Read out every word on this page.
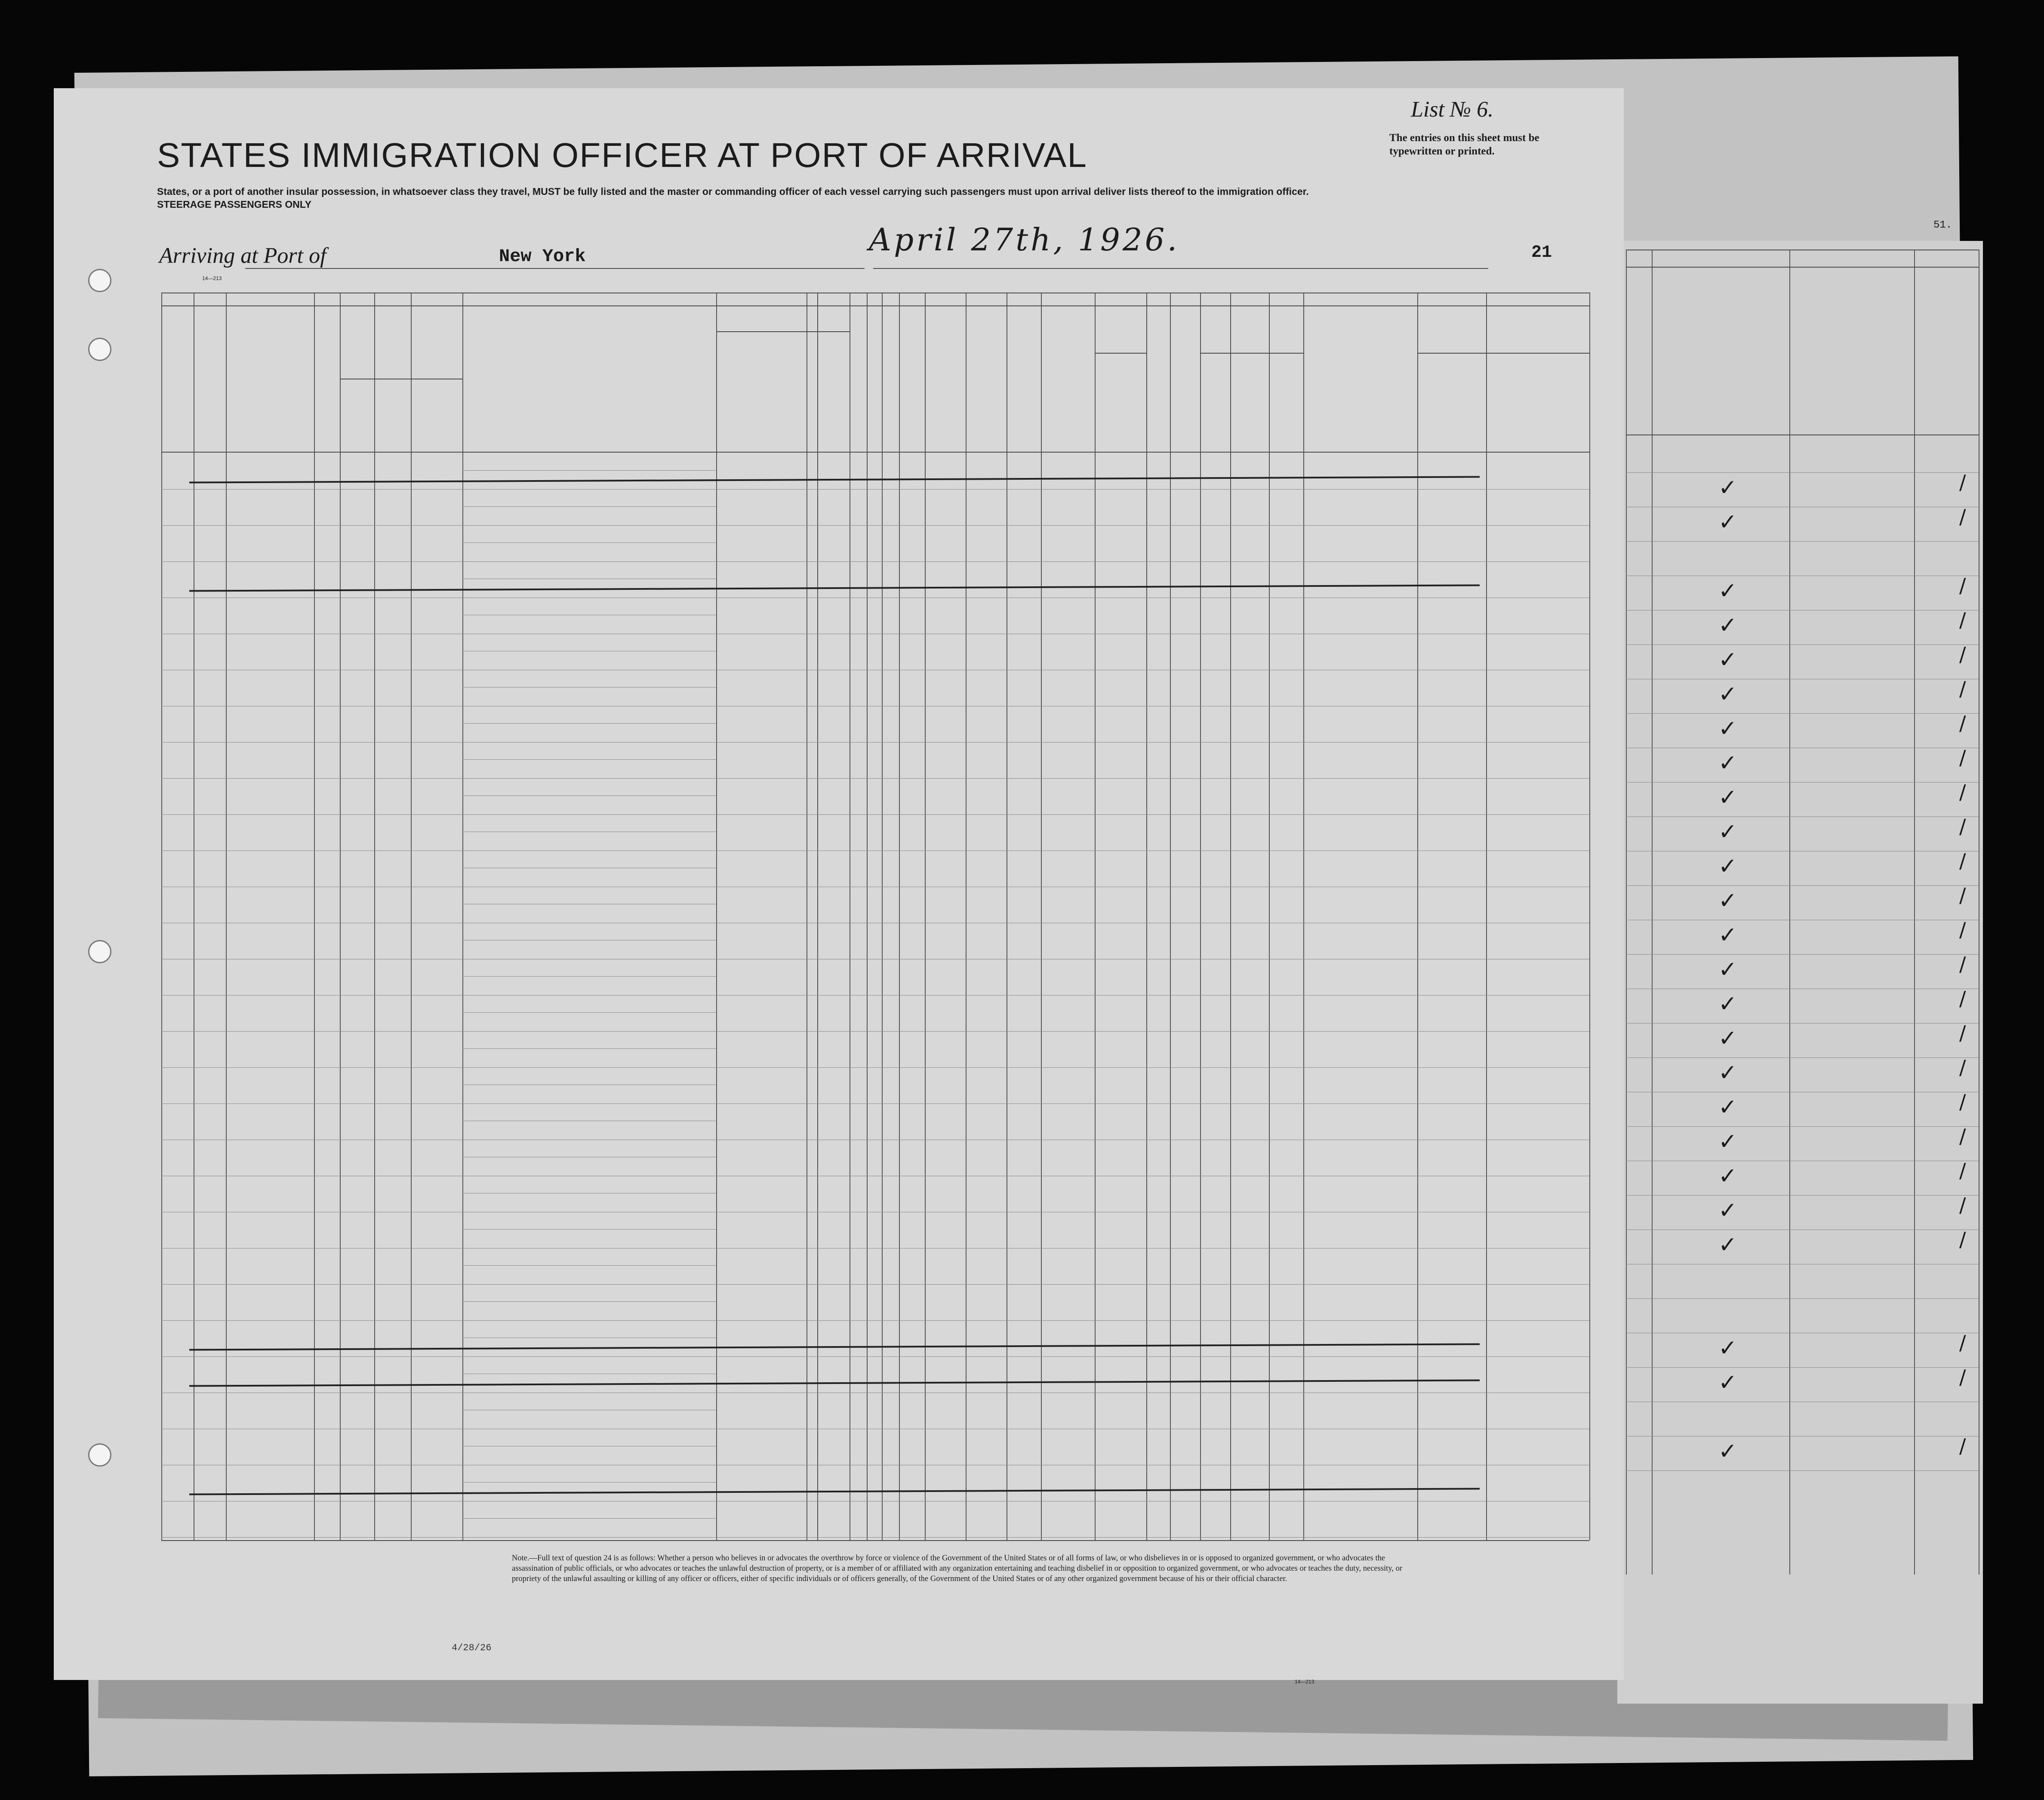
STATES IMMIGRATION OFFICER AT PORT OF ARRIVAL
States, or a port of another insular possession, in whatsoever class they travel, MUST be fully listed and the master or commanding officer of each vessel carrying such passengers must upon arrival deliver lists thereof to the immigration officer.
STEERAGE PASSENGERS ONLY
List № 6.
The entries on this sheet must be typewritten or printed.
Arriving at Port of	New York	April 27th, 1926.	21
14—213
14—213
51.
✓	/
✓	/
✓	/
✓	/
✓	/
✓	/
✓	/
✓	/
✓	/
✓	/
✓	/
✓	/
✓	/
✓	/
✓	/
✓	/
✓	/
✓	/
✓	/
✓	/
✓	/
✓	/
✓	/
✓	/
✓	/
Note.—Full text of question 24 is as follows: Whether a person who believes in or advocates the overthrow by force or violence of the Government of the United States or of all forms of law, or who disbelieves in or is opposed to organized government, or who advocates the assassination of public officials, or who advocates or teaches the unlawful destruction of property, or is a member of or affiliated with any organization entertaining and teaching disbelief in or opposition to organized government, or who advocates or teaches the duty, necessity, or propriety of the unlawful assaulting or killing of any officer or officers, either of specific individuals or of officers generally, of the Government of the United States or of any other organized government because of his or their official character.
4/28/26
